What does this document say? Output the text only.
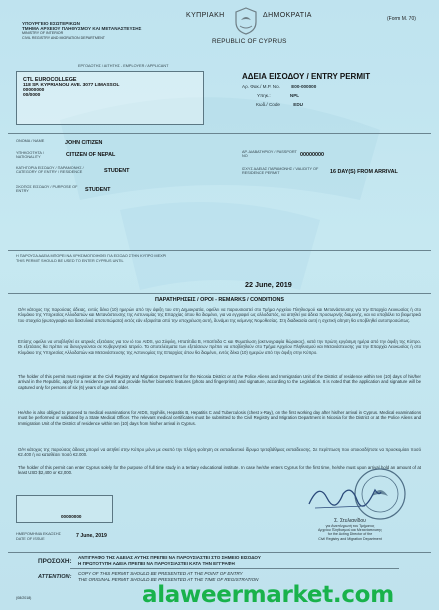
ΥΠΟΥΡΓΕΙΟ ΕΣΩΤΕΡΙΚΩΝ
ΤΜΗΜΑ ΑΡΧΕΙΟΥ ΠΛΗΘΥΣΜΟΥ ΚΑΙ ΜΕΤΑΝΑΣΤΕΥΣΗΣ
MINISTRY OF INTERIOR
CIVIL REGISTRY AND MIGRATION DEPARTMENT
ΚΥΠΡΙΑΚΗ	ΔΗΜΟΚΡΑΤΙΑ
REPUBLIC OF CYPRUS
(Form M. 70)
ΕΡΓΟΔΟΤΗΣ / ΑΙΤΗΤΗΣ - EMPLOYER / APPLICANT
CTL EUROCOLLEGE
118 SP. KYPRIANOU AVE. 3077 LIMASSOL
00000000
00/0000
ΑΔΕΙΑ ΕΙΣΟΔΟΥ / ENTRY PERMIT
Αρ. Φακ./ M.P. No. E00-000000
Υπηκ.:	NPL
Κωδ./ Code	EDU
ΟΝΟΜΑ / NAME	JOHN CITIZEN
ΥΠΗΚΟΟΤΗΤΑ / NATIONALITY	CITIZEN OF NEPAL
ΚΑΤΗΓΟΡΙΑ ΕΙΣΟΔΟΥ / ΠΑΡΑΜΟΝΗΣ / CATEGORY OF ENTRY / RESIDENCE	STUDENT
ΣΚΟΠΟΣ ΕΙΣΟΔΟΥ / PURPOSE OF ENTRY	STUDENT
ΑΡ. ΔΙΑΒΑΤΗΡΙΟΥ / PASSPORT NO	00000000
ΙΣΧΥΣ ΑΔΕΙΑΣ ΠΑΡΑΜΟΝΗΣ / VALIDITY OF RESIDENCE PERMIT	16 DAY(S) FROM ARRIVAL
Η ΠΑΡΟΥΣΑ ΑΔΕΙΑ ΜΠΟΡΕΙ ΝΑ ΧΡΗΣΙΜΟΠΟΙΗΘΕΙ ΓΙΑ ΕΙΣΟΔΟ ΣΤΗΝ ΚΥΠΡΟ ΜΕΧΡΙ
THIS PERMIT SHOULD BE USED TO ENTER CYPRUS UNTIL
22 June, 2019
ΠΑΡΑΤΗΡΗΣΕΙΣ / ΟΡΟΙ - REMARKS / CONDITIONS
Ο/Η κάτοχος της παρούσας άδειας, εντός δέκα (10) ημερών από την άφιξη του στη Δημοκρατία, οφείλει να παρουσιαστεί στο Τμήμα Αρχείου Πληθυσμού και Μετανάστευσης για την Επαρχία Λευκωσίας ή στο Κλιμάκιο της Υπηρεσίας Αλλοδαπών και Μετανάστευσης της Αστυνομίας της Επαρχίας όπου θα διαμένει, για να εγγραφεί ως αλλοδαπός, να αιτηθεί για άδεια προσωρινής διαμονής, και να υποβάλει τα βιομετρικά του στοιχεία (φωτογραφία και δακτυλικά αποτυπώματα) εκτός εάν εξαιρείται από την υποχρέωση αυτή, δυνάμει της κείμενης Νομοθεσίας. Στη διαδικασία αυτή η σχετική αίτηση θα υποβληθεί αυτοπροσώπως.
Επίσης οφείλει να υποβληθεί σε ιατρικές εξετάσεις για τον ιό του AIDS, για Σύφιλη, Ηπατίτιδα Β, Ηπατίτιδα C και Φυματίωση (ακτινογραφία θώρακος), κατά την πρώτη εργάσιμη ημέρα από την άφιξη της Κύπρο. Οι εξετάσεις θα πρέπει να διενεργούνται σε Κυβερνητικό Ιατρείο. Τα αποτελέσματα των εξετάσεων πρέπει να υποβληθούν στο Τμήμα Αρχείου Πληθυσμού και Μετανάστευσης για την Επαρχία Λευκωσίας ή στο Κλιμάκιο της Υπηρεσίας Αλλοδαπών και Μετανάστευσης της Αστυνομίας της Επαρχίας όπου θα διαμένει, εντός δέκα (10) ημερών από την άφιξη στην Κύπρο.
The holder of this permit must register at the Civil Registry and Migration Department for the Nicosia District or at the Police Aliens and Immigration Unit of the District of residence within ten (10) days of his/her arrival in the Republic, apply for a residence permit and provide his/her biometric features (photo and fingerprints) and signature, according to the Legislation. It is noted that the application and signature will be captured only for persons of six (6) years of age and older.
He/she is also obliged to proceed to medical examinations for AIDS, Syphilis, Hepatitis B, Hepatitis C and Tuberculosis (chest x-Ray), on the first working day after his/her arrival in Cyprus. Medical examinations must be performed or validated by a State Medical Officer. The relevant medical certificates must be submitted to the Civil Registry and Migration Department in Nicosia for the District or at the Police Aliens and Immigration Unit of the District of residence within ten (10) days from his/her arrival in Cyprus.
Ο/Η κάτοχος της παρούσας άδειας μπορεί να αιτηθεί στην Κύπρο μόνο με σκοπό την πλήρη φοίτηση σε εκπαιδευτικό ίδρυμα τριτοβάθμιας εκπαίδευσης. Σε περίπτωση που οποιοσδήποτε να προσκομίσει ποσό €2.400 ή να καταθέσει ποσό €2.000.
The holder of this permit can enter Cyprus solely for the purpose of full time study in a tertiary educational institute. In case he/she enters Cyprus for the first time, he/she must upon arrival hold an amount of at least USD $2,400 or €2,000.
00000000
ΗΜΕΡΟΜΗΝΙΑ ΕΚΔΟΣΗΣ
DATE OF ISSUE	7 June, 2019
Σ. Στυλιανίδου
για Αναπληρωτή του Τμήματος
Αρχείου Πληθυσμού και Μετανάστευσης
for the Acting Director of the
Civil Registry and Migration Department
ΠΡΟΣΟΧΗ:
ΑΝΤΙΓΡΑΦΟ ΤΗΣ ΑΔΕΙΑΣ ΑΥΤΗΣ ΠΡΕΠΕΙ ΝΑ ΠΑΡΟΥΣΙΑΣΤΕΙ ΣΤΟ ΣΗΜΕΙΟ ΕΙΣΟΔΟΥ
Η ΠΡΩΤΟΤΥΠΗ ΑΔΕΙΑ ΠΡΕΠΕΙ ΝΑ ΠΑΡΟΥΣΙΑΣΤΕΙ ΚΑΤΑ ΤΗΝ ΕΓΓΡΑΦΗ
ATTENTION:
COPY OF THIS PERMIT SHOULD BE PRESENTED AT THE POINT OF ENTRY
THE ORIGINAL PERMIT SHOULD BE PRESENTED AT THE TIME OF REGISTRATION
(08/2018)	alaweermarket.com
